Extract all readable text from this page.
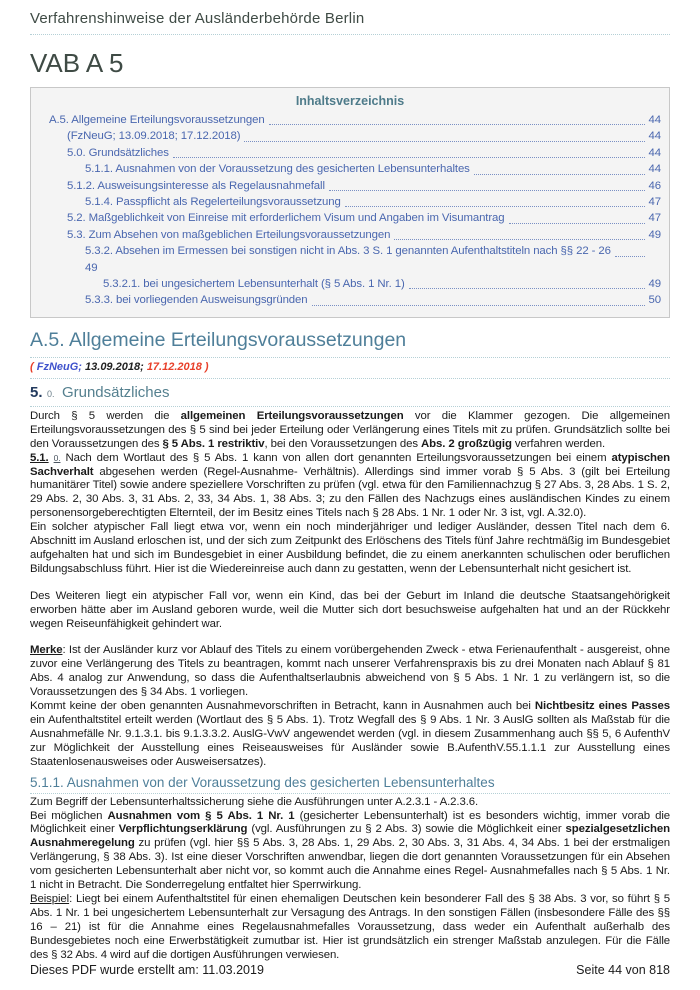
Verfahrenshinweise der Ausländerbehörde Berlin
VAB A 5
Inhaltsverzeichnis
A.5. Allgemeine Erteilungsvoraussetzungen	44
(FzNeuG; 13.09.2018; 17.12.2018)	44
5.0. Grundsätzliches	44
5.1.1. Ausnahmen von der Voraussetzung des gesicherten Lebensunterhaltes	44
5.1.2. Ausweisungsinteresse als Regelausnahmefall	46
5.1.4. Passpflicht als Regelerteilungsvoraussetzung	47
5.2. Maßgeblichkeit von Einreise mit erforderlichem Visum und Angaben im Visumantrag	47
5.3. Zum Absehen von maßgeblichen Erteilungsvoraussetzungen	49
5.3.2. Absehen im Ermessen bei sonstigen nicht in Abs. 3 S. 1 genannten Aufenthaltstiteln nach §§ 22 - 26
49
5.3.2.1. bei ungesichertem Lebensunterhalt (§ 5 Abs. 1 Nr. 1)	49
5.3.3. bei vorliegenden Ausweisungsgründen	50
A.5. Allgemeine Erteilungsvoraussetzungen
( FzNeuG; 13.09.2018; 17.12.2018 )
5. 0. Grundsätzliches

Durch § 5 werden die allgemeinen Erteilungsvoraussetzungen vor die Klammer gezogen. Die allgemeinen Erteilungsvoraussetzungen des § 5 sind bei jeder Erteilung oder Verlängerung eines Titels mit zu prüfen. Grundsätzlich sollte bei den Voraussetzungen des § 5 Abs. 1 restriktiv, bei den Voraussetzungen des Abs. 2 großzügig verfahren werden.

5.1. 0. Nach dem Wortlaut des § 5 Abs. 1 kann von allen dort genannten Erteilungsvoraussetzungen bei einem atypischen Sachverhalt abgesehen werden (Regel-Ausnahme- Verhältnis). Allerdings sind immer vorab § 5 Abs. 3 (gilt bei Erteilung humanitärer Titel) sowie andere speziellere Vorschriften zu prüfen (vgl. etwa für den Familiennachzug § 27 Abs. 3, 28 Abs. 1 S. 2, 29 Abs. 2, 30 Abs. 3, 31 Abs. 2, 33, 34 Abs. 1, 38 Abs. 3; zu den Fällen des Nachzugs eines ausländischen Kindes zu einem personensorgeberechtigten Elternteil, der im Besitz eines Titels nach § 28 Abs. 1 Nr. 1 oder Nr. 3 ist, vgl. A.32.0).

Ein solcher atypischer Fall liegt etwa vor, wenn ein noch minderjähriger und lediger Ausländer, dessen Titel nach dem 6. Abschnitt im Ausland erloschen ist, und der sich zum Zeitpunkt des Erlöschens des Titels fünf Jahre rechtmäßig im Bundesgebiet aufgehalten hat und sich im Bundesgebiet in einer Ausbildung befindet, die zu einem anerkannten schulischen oder beruflichen Bildungsabschluss führt. Hier ist die Wiedereinreise auch dann zu gestatten, wenn der Lebensunterhalt nicht gesichert ist.

Des Weiteren liegt ein atypischer Fall vor, wenn ein Kind, das bei der Geburt im Inland die deutsche Staatsangehörigkeit erworben hätte aber im Ausland geboren wurde, weil die Mutter sich dort besuchsweise aufgehalten hat und an der Rückkehr wegen Reiseunfähigkeit gehindert war.

Merke: Ist der Ausländer kurz vor Ablauf des Titels zu einem vorübergehenden Zweck - etwa Ferienaufenthalt - ausgereist, ohne zuvor eine Verlängerung des Titels zu beantragen, kommt nach unserer Verfahrenspraxis bis zu drei Monaten nach Ablauf § 81 Abs. 4 analog zur Anwendung, so dass die Aufenthaltserlaubnis abweichend von § 5 Abs. 1 Nr. 1 zu verlängern ist, so die Voraussetzungen des § 34 Abs. 1 vorliegen.

Kommt keine der oben genannten Ausnahmevorschriften in Betracht, kann in Ausnahmen auch bei Nichtbesitz eines Passes ein Aufenthaltstitel erteilt werden (Wortlaut des § 5 Abs. 1). Trotz Wegfall des § 9 Abs. 1 Nr. 3 AuslG sollten als Maßstab für die Ausnahmefälle Nr. 9.1.3.1. bis 9.1.3.3.2. AuslG-VwV angewendet werden (vgl. in diesem Zusammenhang auch §§ 5, 6 AufenthV zur Möglichkeit der Ausstellung eines Reiseausweises für Ausländer sowie B.AufenthV.55.1.1.1 zur Ausstellung eines Staatenlosenausweises oder Ausweisersatzes).

5.1.1. Ausnahmen von der Voraussetzung des gesicherten Lebensunterhaltes

Zum Begriff der Lebensunterhaltssicherung siehe die Ausführungen unter A.2.3.1 - A.2.3.6.

Bei möglichen Ausnahmen vom § 5 Abs. 1 Nr. 1 (gesicherter Lebensunterhalt) ist es besonders wichtig, immer vorab die Möglichkeit einer Verpflichtungserklärung (vgl. Ausführungen zu § 2 Abs. 3) sowie die Möglichkeit einer spezialgesetzlichen Ausnahmeregelung zu prüfen (vgl. hier §§ 5 Abs. 3, 28 Abs. 1, 29 Abs. 2, 30 Abs. 3, 31 Abs. 4, 34 Abs. 1 bei der erstmaligen Verlängerung, § 38 Abs. 3). Ist eine dieser Vorschriften anwendbar, liegen die dort genannten Voraussetzungen für ein Absehen vom gesicherten Lebensunterhalt aber nicht vor, so kommt auch die Annahme eines Regel- Ausnahmefalles nach § 5 Abs. 1 Nr. 1 nicht in Betracht. Die Sonderregelung entfaltet hier Sperrwirkung.

Beispiel: Liegt bei einem Aufenthaltstitel für einen ehemaligen Deutschen kein besonderer Fall des § 38 Abs. 3 vor, so führt § 5 Abs. 1 Nr. 1 bei ungesichertem Lebensunterhalt zur Versagung des Antrags. In den sonstigen Fällen (insbesondere Fälle des §§ 16 – 21) ist für die Annahme eines Regelausnahmefalles Voraussetzung, dass weder ein Aufenthalt außerhalb des Bundesgebietes noch eine Erwerbstätigkeit zumutbar ist. Hier ist grundsätzlich ein strenger Maßstab anzulegen. Für die Fälle des § 32 Abs. 4 wird auf die dortigen Ausführungen verwiesen.

Dieses PDF wurde erstellt am: 11.03.2019	Seite 44 von 818
